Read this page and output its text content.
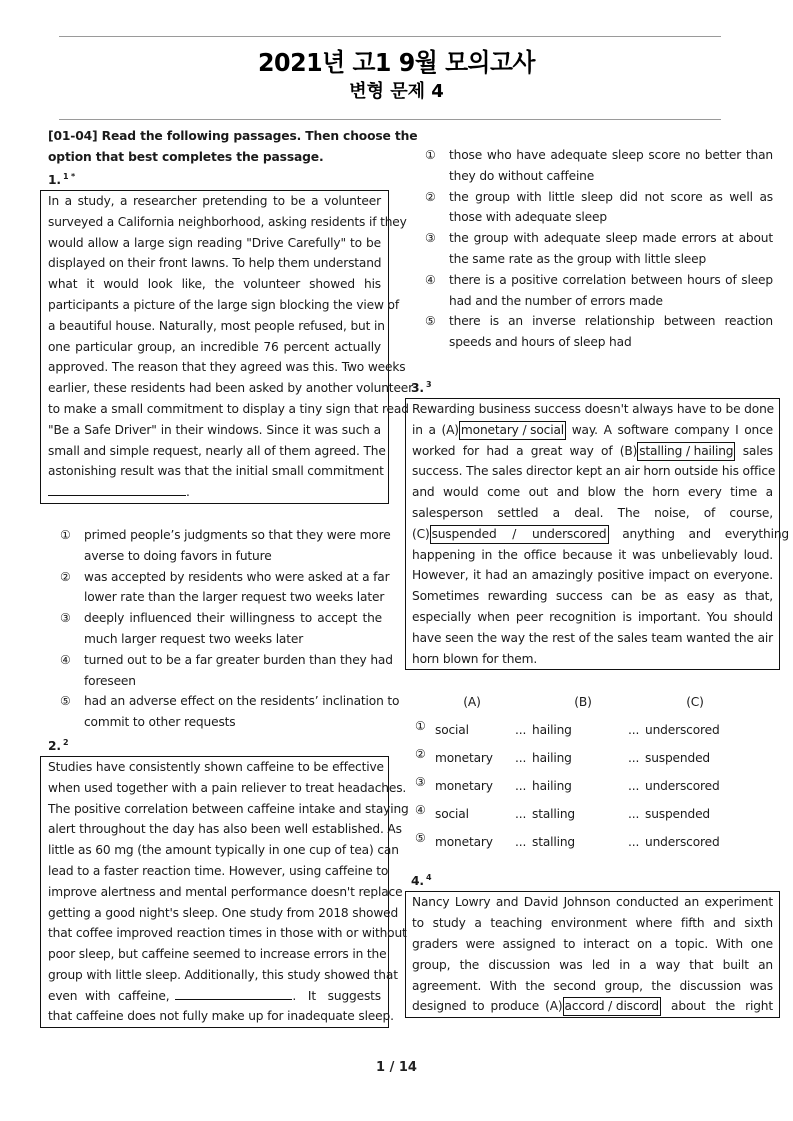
2021년 고1 9월 모의고사
변형 문제 4
[01-04] Read the following passages. Then choose the
option that best completes the passage.
1. $^{1 *}$
In a study, a researcher pretending to be a volunteer
surveyed a California neighborhood, asking residents if they
would allow a large sign reading "Drive Carefully" to be
displayed on their front lawns. To help them understand
what it would look like, the volunteer showed his
participants a picture of the large sign blocking the view of
a beautiful house. Naturally, most people refused, but in
one particular group, an incredible 76 percent actually
approved. The reason that they agreed was this. Two weeks
earlier, these residents had been asked by another volunteer
to make a small commitment to display a tiny sign that read
"Be a Safe Driver" in their windows. Since it was such a
small and simple request, nearly all of them agreed. The
astonishing result was that the initial small commitment
.
①	primed people’s judgments so that they were more
averse to doing favors in future
②	was accepted by residents who were asked at a far
lower rate than the larger request two weeks later
③	deeply influenced their willingness to accept the
much larger request two weeks later
④	turned out to be a far greater burden than they had
foreseen
⑤	had an adverse effect on the residents’ inclination to
commit to other requests
2. $^2$
Studies have consistently shown caffeine to be effective
when used together with a pain reliever to treat headaches.
The positive correlation between caffeine intake and staying
alert throughout the day has also been well established. As
little as 60 mg (the amount typically in one cup of tea) can
lead to a faster reaction time. However, using caffeine to
improve alertness and mental performance doesn't replace
getting a good night's sleep. One study from 2018 showed
that coffee improved reaction times in those with or without
poor sleep, but caffeine seemed to increase errors in the
group with little sleep. Additionally, this study showed that
even with caffeine,	. It suggests
that caffeine does not fully make up for inadequate sleep.
①	those who have adequate sleep score no better than
they do without caffeine
②	the group with little sleep did not score as well as
those with adequate sleep
③	the group with adequate sleep made errors at about
the same rate as the group with little sleep
④	there is a positive correlation between hours of sleep
had and the number of errors made
⑤	there is an inverse relationship between reaction
speeds and hours of sleep had
3. $^3$
Rewarding business success doesn't always have to be done
in a (A) monetary / social way. A software company I once
worked for had a great way of (B) stalling / hailing sales
success. The sales director kept an air horn outside his office
and would come out and blow the horn every time a
salesperson settled a deal. The noise, of course,
(C) suspended / underscored anything and everything
happening in the office because it was unbelievably loud.
However, it had an amazingly positive impact on everyone.
Sometimes rewarding success can be as easy as that,
especially when peer recognition is important. You should
have seen the way the rest of the sales team wanted the air
horn blown for them.
(A)	(B)	(C)
① social	... hailing	... underscored
② monetary	... hailing	... suspended
③ monetary	... hailing	... underscored
④ social	... stalling	... suspended
⑤ monetary	... stalling	... underscored
4. $^4$
Nancy Lowry and David Johnson conducted an experiment
to study a teaching environment where fifth and sixth
graders were assigned to interact on a topic. With one
group, the discussion was led in a way that built an
agreement. With the second group, the discussion was
designed to produce (A) accord / discord about the right
1 / 14
